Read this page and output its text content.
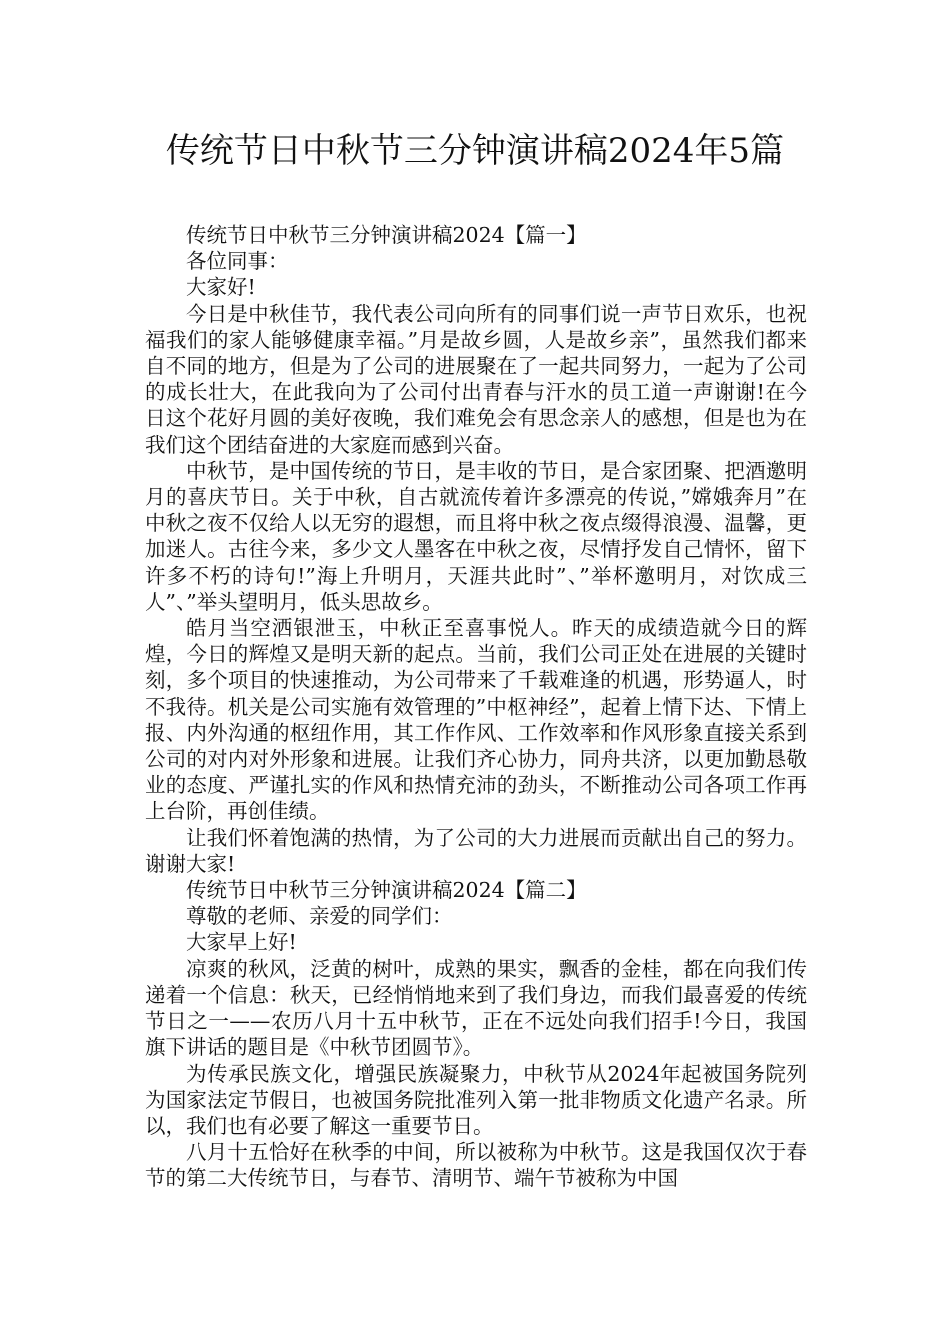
传统节日中秋节三分钟演讲稿2024年5篇

传统节日中秋节三分钟演讲稿2024【篇一】

各位同事：

大家好!

今日是中秋佳节，我代表公司向所有的同事们说一声节日欢乐，也祝福我们的家人能够健康幸福。”月是故乡圆，人是故乡亲”，虽然我们都来自不同的地方，但是为了公司的进展聚在了一起共同努力，一起为了公司的成长壮大，在此我向为了公司付出青春与汗水的员工道一声谢谢!在今日这个花好月圆的美好夜晚，我们难免会有思念亲人的感想，但是也为在我们这个团结奋进的大家庭而感到兴奋。

中秋节，是中国传统的节日，是丰收的节日，是合家团聚、把酒邀明月的喜庆节日。关于中秋，自古就流传着许多漂亮的传说，”嫦娥奔月”在中秋之夜不仅给人以无穷的遐想，而且将中秋之夜点缀得浪漫、温馨，更加迷人。古往今来，多少文人墨客在中秋之夜，尽情抒发自己情怀，留下许多不朽的诗句!”海上升明月，天涯共此时”、”举杯邀明月，对饮成三人”、”举头望明月，低头思故乡。

皓月当空洒银泄玉，中秋正至喜事悦人。昨天的成绩造就今日的辉煌，今日的辉煌又是明天新的起点。当前，我们公司正处在进展的关键时刻，多个项目的快速推动，为公司带来了千载难逢的机遇，形势逼人，时不我待。机关是公司实施有效管理的”中枢神经”，起着上情下达、下情上报、内外沟通的枢纽作用，其工作作风、工作效率和作风形象直接关系到公司的对内对外形象和进展。让我们齐心协力，同舟共济，以更加勤恳敬业的态度、严谨扎实的作风和热情充沛的劲头，不断推动公司各项工作再上台阶，再创佳绩。

让我们怀着饱满的热情，为了公司的大力进展而贡献出自己的努力。谢谢大家!

传统节日中秋节三分钟演讲稿2024【篇二】

尊敬的老师、亲爱的同学们：

大家早上好!

凉爽的秋风，泛黄的树叶，成熟的果实，飘香的金桂，都在向我们传递着一个信息：秋天，已经悄悄地来到了我们身边，而我们最喜爱的传统节日之一——农历八月十五中秋节，正在不远处向我们招手!今日，我国旗下讲话的题目是《中秋节团圆节》。

为传承民族文化，增强民族凝聚力，中秋节从2024年起被国务院列为国家法定节假日，也被国务院批准列入第一批非物质文化遗产名录。所以，我们也有必要了解这一重要节日。

八月十五恰好在秋季的中间，所以被称为中秋节。这是我国仅次于春节的第二大传统节日，与春节、清明节、端午节被称为中国
